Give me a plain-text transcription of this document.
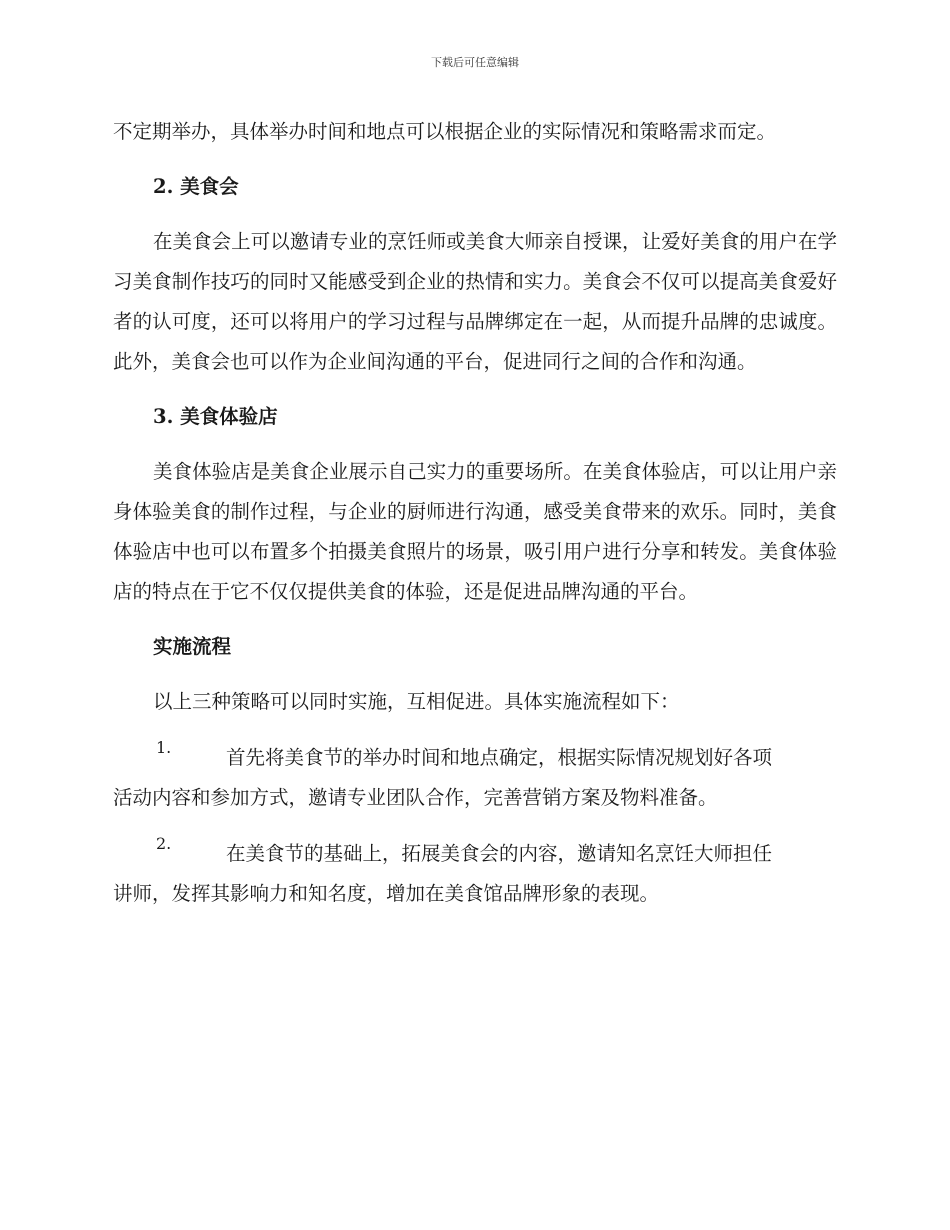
下载后可任意编辑

不定期举办，具体举办时间和地点可以根据企业的实际情况和策略需求而定。

2. 美食会

在美食会上可以邀请专业的烹饪师或美食大师亲自授课，让爱好美食的用户在学习美食制作技巧的同时又能感受到企业的热情和实力。美食会不仅可以提高美食爱好者的认可度，还可以将用户的学习过程与品牌绑定在一起，从而提升品牌的忠诚度。此外，美食会也可以作为企业间沟通的平台，促进同行之间的合作和沟通。

3. 美食体验店

美食体验店是美食企业展示自己实力的重要场所。在美食体验店，可以让用户亲身体验美食的制作过程，与企业的厨师进行沟通，感受美食带来的欢乐。同时，美食体验店中也可以布置多个拍摄美食照片的场景，吸引用户进行分享和转发。美食体验店的特点在于它不仅仅提供美食的体验，还是促进品牌沟通的平台。

实施流程

以上三种策略可以同时实施，互相促进。具体实施流程如下：

1.	首先将美食节的举办时间和地点确定，根据实际情况规划好各项

活动内容和参加方式，邀请专业团队合作，完善营销方案及物料准备。

2.	在美食节的基础上，拓展美食会的内容，邀请知名烹饪大师担任

讲师，发挥其影响力和知名度，增加在美食馆品牌形象的表现。
